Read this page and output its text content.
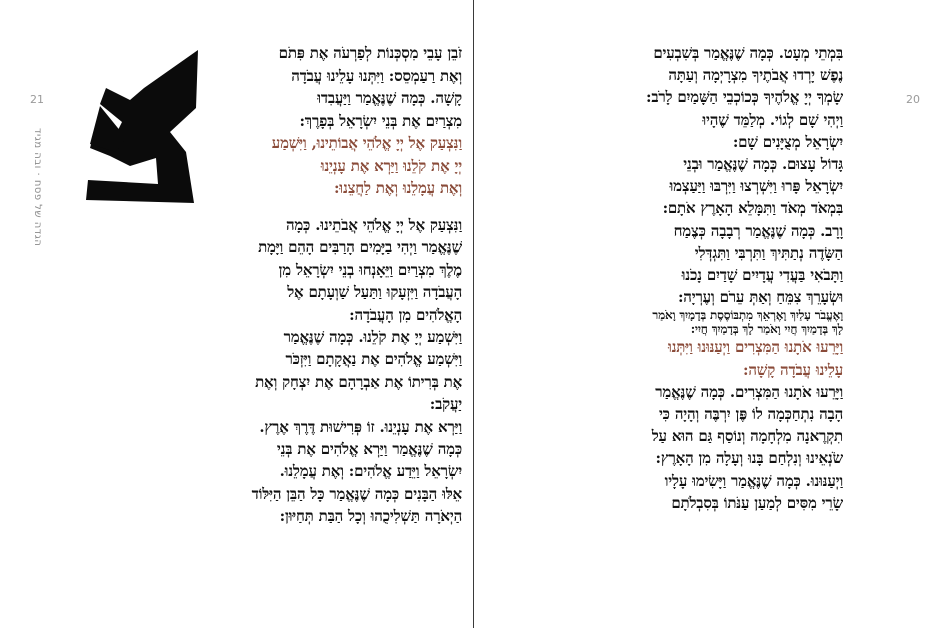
21
הגדה של פסח · ובה מגיד
זֹבֵן עָבֵי מִסְכְּנוֹת לְפַרְעֹה אֶת פִּתֹם
וְאֶת רַעַמְסֵס: וַיִּתְּנוּ עָלֵינוּ עֲבֹדָה
קָשָׁה. כְּמָה שֶׁנֶּאֱמַר וַיַּעֲבִדוּ
מִצְרַיִם אֶת בְּנֵי יִשְׂרָאֵל בְּפָרֶךְ:
וַנִּצְעַק אֶל יְיָ אֱלֹהֵי אֲבוֹתֵינוּ, וַיִּשְׁמַע
יְיָ אֶת קֹלֵנוּ וַיַּרְא אֶת עָנְיֵנוּ
וְאֶת עֲמָלֵנוּ וְאֶת לַחֲצֵנוּ:
וַנִּצְעַק אֶל יְיָ אֱלֹהֵי אֲבֹתֵינוּ. כְּמָה
שֶׁנֶּאֱמַר וַיְהִי בַיָּמִים הָרַבִּים הָהֵם וַיָּמָת
מֶלֶךְ מִצְרַיִם וַיֵּאָנְחוּ בְנֵי יִשְׂרָאֵל מִן
הָעֲבֹדָה וַיִּזְעָקוּ וַתַּעַל שַׁוְעָתָם אֶל
הָאֱלֹהִים מִן הָעֲבֹדָה:
וַיִּשְׁמַע יְיָ אֶת קֹלֵנוּ. כְּמָה שֶׁנֶּאֱמַר
וַיִּשְׁמַע אֱלֹהִים אֶת נַאֲקָתָם וַיִּזְכֹּר
אֶת בְּרִיתוֹ אֶת אַבְרָהָם אֶת יִצְחָק וְאֶת
יַעֲקֹב:
וַיַּרְא אֶת עָנְיֵנוּ. זוֹ פְּרִישׁוּת דֶּרֶךְ אֶרֶץ.
כְּמָה שֶׁנֶּאֱמַר וַיַּרְא אֱלֹהִים אֶת בְּנֵי
יִשְׂרָאֵל וַיֵּדַע אֱלֹהִים: וְאֶת עֲמָלֵנוּ.
אֵלּוּ הַבָּנִים כְּמָה שֶׁנֶּאֱמַר כָּל הַבֵּן הַיִּלּוֹד
הַיְאֹרָה תַּשְׁלִיכֻהוּ וְכָל הַבַּת תְּחַיּוּן:
20
בִּמְתֵי מְעָט. כְּמָה שֶׁנֶּאֱמַר בְּשִׁבְעִים
נֶפֶשׁ יָרְדוּ אֲבֹתֶיךָ מִצְרָיְמָה וְעַתָּה
שָׂמְךָ יְיָ אֱלֹהֶיךָ כְּכוֹכְבֵי הַשָּׁמַיִם לָרֹב:
וַיְהִי שָׁם לְגוֹי. מְלַמֵּד שֶׁהָיוּ
יִשְׂרָאֵל מְצֻיָּנִים שָׁם:
גָּדוֹל עָצוּם. כְּמָה שֶׁנֶּאֱמַר וּבְנֵי
יִשְׂרָאֵל פָּרוּ וַיִּשְׁרְצוּ וַיִּרְבּוּ וַיַּעַצְמוּ
בִּמְאֹד מְאֹד וַתִּמָּלֵא הָאָרֶץ אֹתָם:
וָרָב. כְּמָה שֶׁנֶּאֱמַר רְבָבָה כְּצֶמַח
הַשָּׂדֶה נְתַתִּיךְ וַתִּרְבִּי וַתִּגְדְּלִי
וַתָּבֹאִי בַּעֲדִי עֲדָיִים שָׁדַיִם נָכֹנוּ
וּשְׂעָרֵךְ צִמֵּחַ וְאַתְּ עֵרֹם וְעֶרְיָה:
וָאֶעֱבֹר עָלַיִךְ וָאֶרְאֵךְ מִתְבּוֹסֶסֶת בְּדָמָיִךְ וָאֹמַר
לָךְ בְּדָמַיִךְ חֲיִי וָאֹמַר לָךְ בְּדָמַיִךְ חֲיִי:
וַיָּרֵעוּ אֹתָנוּ הַמִּצְרִים וַיְעַנּוּנוּ וַיִּתְּנוּ
עָלֵינוּ עֲבֹדָה קָשָׁה:
וַיָּרֵעוּ אֹתָנוּ הַמִּצְרִים. כְּמָה שֶׁנֶּאֱמַר
הָבָה נִתְחַכְּמָה לוֹ פֶּן יִרְבֶּה וְהָיָה כִּי
תִקְרֶאנָה מִלְחָמָה וְנוֹסַף גַּם הוּא עַל
שֹׂנְאֵינוּ וְנִלְחַם בָּנוּ וְעָלָה מִן הָאָרֶץ:
וַיְעַנּוּנוּ. כְּמָה שֶׁנֶּאֱמַר וַיָּשִׂימוּ עָלָיו
שָׂרֵי מִסִּים לְמַעַן עַנֹּתוֹ בְּסִבְלֹתָם
